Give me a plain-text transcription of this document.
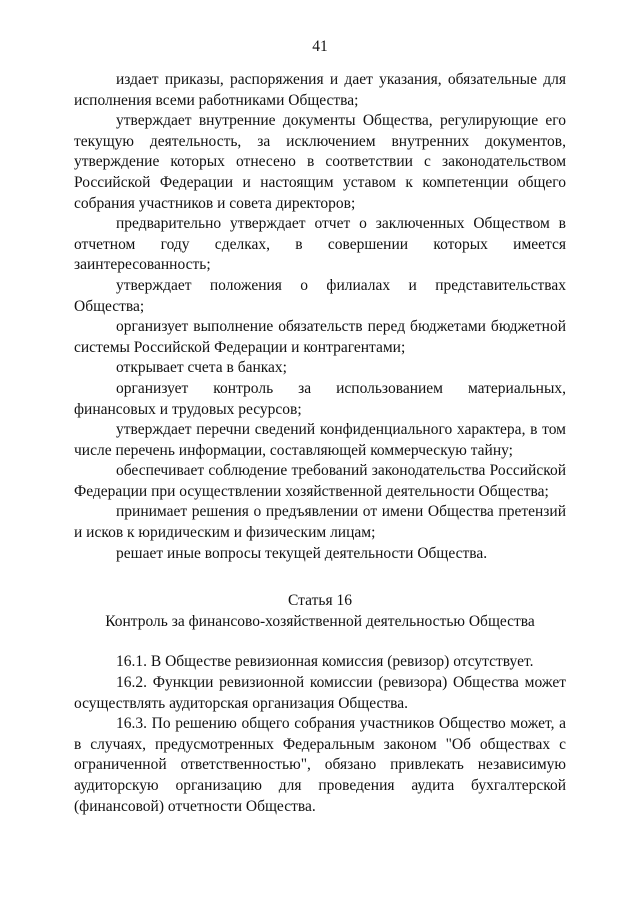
41

издает приказы, распоряжения и дает указания, обязательные для исполнения всеми работниками Общества;

утверждает внутренние документы Общества, регулирующие его текущую деятельность, за исключением внутренних документов, утверждение которых отнесено в соответствии с законодательством Российской Федерации и настоящим уставом к компетенции общего собрания участников и совета директоров;

предварительно утверждает отчет о заключенных Обществом в отчетном году сделках, в совершении которых имеется заинтересованность;

утверждает положения о филиалах и представительствах Общества;

организует выполнение обязательств перед бюджетами бюджетной системы Российской Федерации и контрагентами;

открывает счета в банках;

организует контроль за использованием материальных, финансовых и трудовых ресурсов;

утверждает перечни сведений конфиденциального характера, в том числе перечень информации, составляющей коммерческую тайну;

обеспечивает соблюдение требований законодательства Российской Федерации при осуществлении хозяйственной деятельности Общества;

принимает решения о предъявлении от имени Общества претензий и исков к юридическим и физическим лицам;

решает иные вопросы текущей деятельности Общества.

Статья 16

Контроль за финансово-хозяйственной деятельностью Общества

16.1. В Обществе ревизионная комиссия (ревизор) отсутствует.

16.2. Функции ревизионной комиссии (ревизора) Общества может осуществлять аудиторская организация Общества.

16.3. По решению общего собрания участников Общество может, а в случаях, предусмотренных Федеральным законом "Об обществах с ограниченной ответственностью", обязано привлекать независимую аудиторскую организацию для проведения аудита бухгалтерской (финансовой) отчетности Общества.
